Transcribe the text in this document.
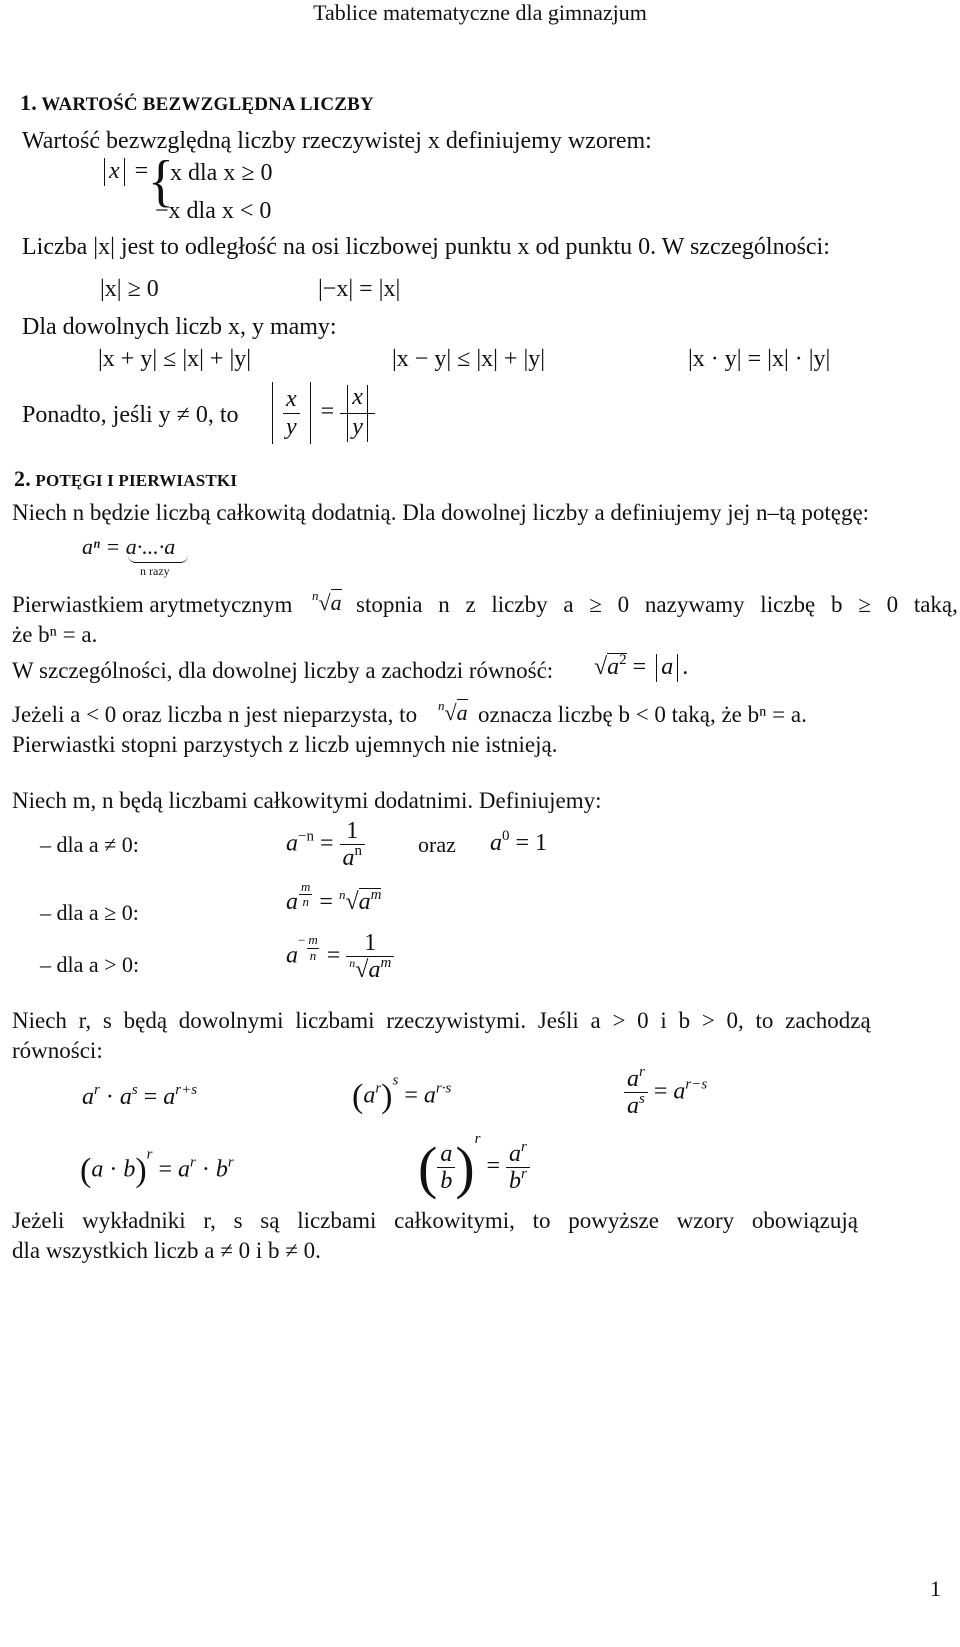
Tablice matematyczne dla gimnazjum
1. WARTOŚĆ BEZWZGLĘDNA LICZBY
Wartość bezwzględną liczby rzeczywistej x definiujemy wzorem:
x = {
x dla x ≥ 0
−x dla x < 0
Liczba |x| jest to odległość na osi liczbowej punktu x od punktu 0. W szczególności:
|x| ≥ 0	|−x| = |x|
Dla dowolnych liczb x, y mamy:
|x + y| ≤ |x| + |y|	|x − y| ≤ |x| + |y|	|x · y| = |x| · |y|
Ponadto, jeśli y ≠ 0, to
$\frac{x}{y} = \frac{x}{y}$
2. POTĘGI I PIERWIASTKI
Niech n będzie liczbą całkowitą dodatnią. Dla dowolnej liczby a definiujemy jej n–tą potęgę:
aⁿ = a·...·a
n razy
Pierwiastkiem arytmetycznym $^n$√a stopnia n z liczby a ≥ 0 nazywamy liczbę b ≥ 0 taką,
że bⁿ = a.
W szczególności, dla dowolnej liczby a zachodzi równość: $√a^2 = a$ .
Jeżeli a < 0 oraz liczba n jest nieparzysta, to $^n$√a oznacza liczbę b < 0 taką, że bⁿ = a.
Pierwiastki stopni parzystych z liczb ujemnych nie istnieją.
Niech m, n będą liczbami całkowitymi dodatnimi. Definiujemy:
– dla a ≠ 0:	$a^{-n} = \frac{1}{a^n}$ oraz $a^0 = 1$
– dla a ≥ 0:	a $\frac{m}{n} = ^n√a^m$
– dla a > 0:	$a^- \frac{m}{n} = \frac{1}{^n√a^m}$
Niech r, s będą dowolnymi liczbami rzeczywistymi. Jeśli a > 0 i b > 0, to zachodzą
równości:
$a^r \cdot a^s = a^{r+s}$	$(a^r)^s = a^{r\cdot s}$	$\frac{a^r}{a^s} = a^{r-s}$
$(a \cdot b)^r = a^r \cdot b^r$	( $\frac{a}{b} )^r = \frac{a^r}{b^r}$
Jeżeli wykładniki r, s są liczbami całkowitymi, to powyższe wzory obowiązują
dla wszystkich liczb a ≠ 0 i b ≠ 0.
1
